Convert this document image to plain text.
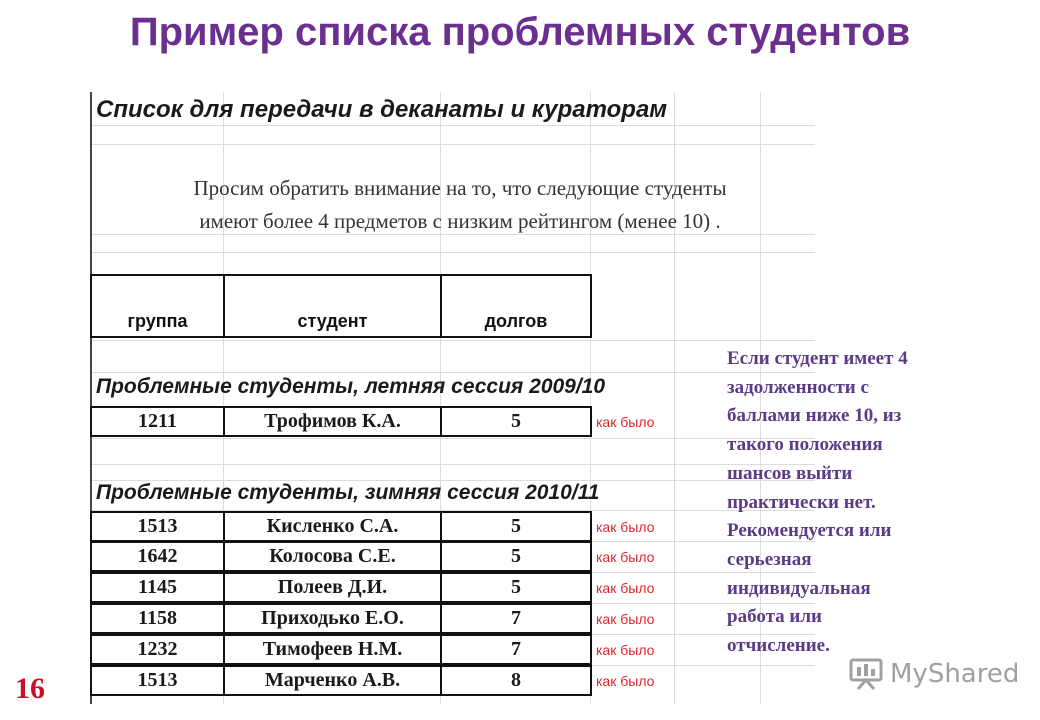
Пример списка проблемных студентов
Список для передачи в деканаты и кураторам
Просим обратить внимание на то, что следующие студенты
имеют более 4 предметов с низким рейтингом (менее 10) .
группа	студент	долгов
Проблемные студенты, летняя сессия 2009/10
1211	Трофимов К.А.	5	как было
Проблемные студенты, зимняя сессия 2010/11
1513	Кисленко С.А.	5	как было
1642	Колосова С.Е.	5	как было
1145	Полеев Д.И.	5	как было
1158	Приходько Е.О.	7	как было
1232	Тимофеев Н.М.	7	как было
1513	Марченко А.В.	8	как было
Если студент имеет 4
задолженности с
баллами ниже 10, из
такого положения
шансов выйти
практически нет.
Рекомендуется или
серьезная
индивидуальная
работа или
отчисление.
16	MyShared
